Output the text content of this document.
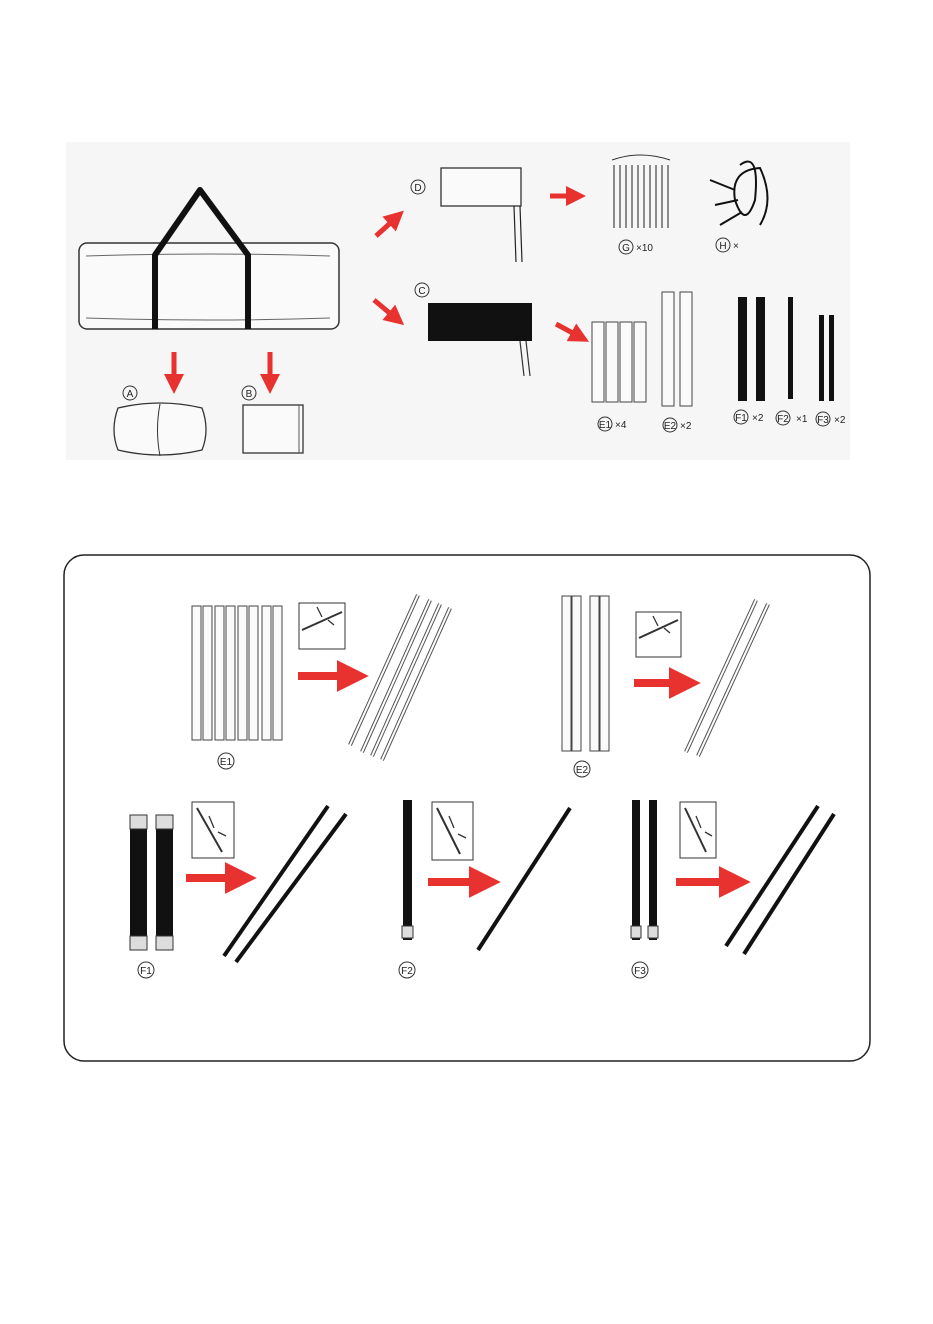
A	B
D
C
G ×10	H ×
E1 ×4	E2 ×2
F1 ×2 F2 ×1 F3 ×2
E1
E2
F1	F2	F3
